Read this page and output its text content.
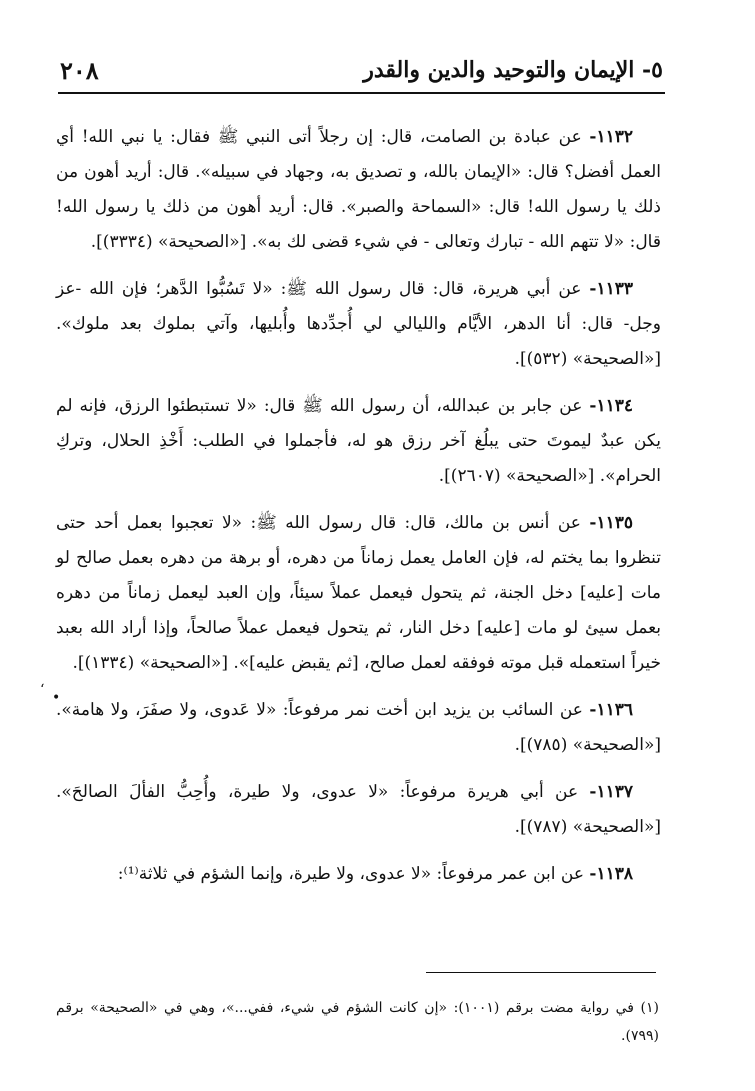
٥- الإيمان والتوحيد والدين والقدر
٢٠٨

١١٣٢- عن عبادة بن الصامت، قال: إن رجلاً أتى النبي ﷺ فقال: يا نبي الله! أي العمل أفضل؟ قال: «الإيمان بالله، و تصديق به، وجهاد في سبيله». قال: أريد أهون من ذلك يا رسول الله! قال: «السماحة والصبر». قال: أريد أهون من ذلك يا رسول الله! قال: «لا تتهم الله - تبارك وتعالى - في شيء قضى لك به». [«الصحيحة» (٣٣٣٤)].

١١٣٣- عن أبي هريرة، قال: قال رسول الله ﷺ: «لا تَسُبُّوا الدَّهر؛ فإن الله -عز وجل- قال: أنا الدهر، الأيَّام والليالي لي أُجدِّدها وأُبليها، وآتي بملوك بعد ملوك». [«الصحيحة» (٥٣٢)].

١١٣٤- عن جابر بن عبدالله، أن رسول الله ﷺ قال: «لا تستبطئوا الرزق، فإنه لم يكن عبدٌ ليموتَ حتى يبلُغ آخر رزق هو له، فأجملوا في الطلب: أَخْذِ الحلال، وتركِ الحرام». [«الصحيحة» (٢٦٠٧)].

١١٣٥- عن أنس بن مالك، قال: قال رسول الله ﷺ: «لا تعجبوا بعمل أحد حتى تنظروا بما يختم له، فإن العامل يعمل زماناً من دهره، أو برهة من دهره بعمل صالح لو مات [عليه] دخل الجنة، ثم يتحول فيعمل عملاً سيئاً، وإن العبد ليعمل زماناً من دهره بعمل سيئ لو مات [عليه] دخل النار، ثم يتحول فيعمل عملاً صالحاً، وإذا أراد الله بعبد خيراً استعمله قبل موته فوفقه لعمل صالح، [ثم يقبض عليه]». [«الصحيحة» (١٣٣٤)].

١١٣٦- عن السائب بن يزيد ابن أخت نمر مرفوعاً: «لا عَدوى، ولا صفَرَ، ولا هامة». [«الصحيحة» (٧٨٥)].

١١٣٧- عن أبي هريرة مرفوعاً: «لا عدوى، ولا طيرة، وأُحِبُّ الفألَ الصالحَ». [«الصحيحة» (٧٨٧)].

١١٣٨- عن ابن عمر مرفوعاً: «لا عدوى، ولا طيرة، وإنما الشؤم في ثلاثة⁽¹⁾:

(١) في رواية مضت برقم (١٠٠١): «إن كانت الشؤم في شيء، ففي...»، وهي في «الصحيحة» برقم (٧٩٩).
ʻ •
